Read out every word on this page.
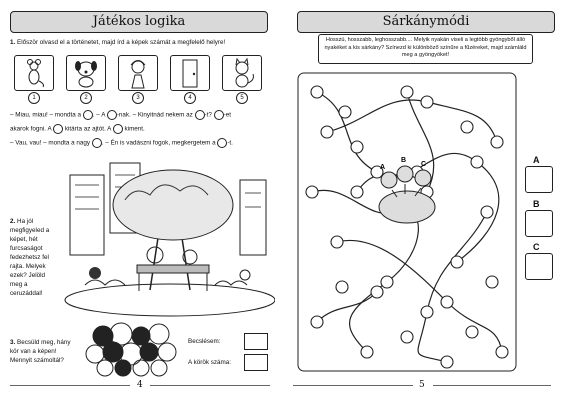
Játékos logika
1. Először olvasd el a történetet, majd írd a képek számát a megfelelő helyre!
1	2	3	4	5
– Miau, miau! – mondta a . – A -nak. – Kinyitnád nekem az -t? -et
akarok fogni. A kitárta az ajtót. A kiment.
– Vau, vau! – mondta a nagy . – Én is vadászni fogok, megkergetem a -t.
2. Ha jól megfigyeled a képet, hét furcsaságot fedezhetsz fel rajta. Melyek ezek? Jelöld meg a ceruzáddal!
3. Becsüld meg, hány kör van a képen! Mennyit számoltál?
Becslésem:
A körök száma:
4
Sárkánymódi
Hosszú, hosszabb, leghosszabb.... Melyik nyakán viseli a legtöbb gyöngyből álló nyakéket a kis sárkány? Színezd ki különböző színűre a fűzéreket, majd számláld meg a gyöngyöket!
A
B
C	A
B
C
5
